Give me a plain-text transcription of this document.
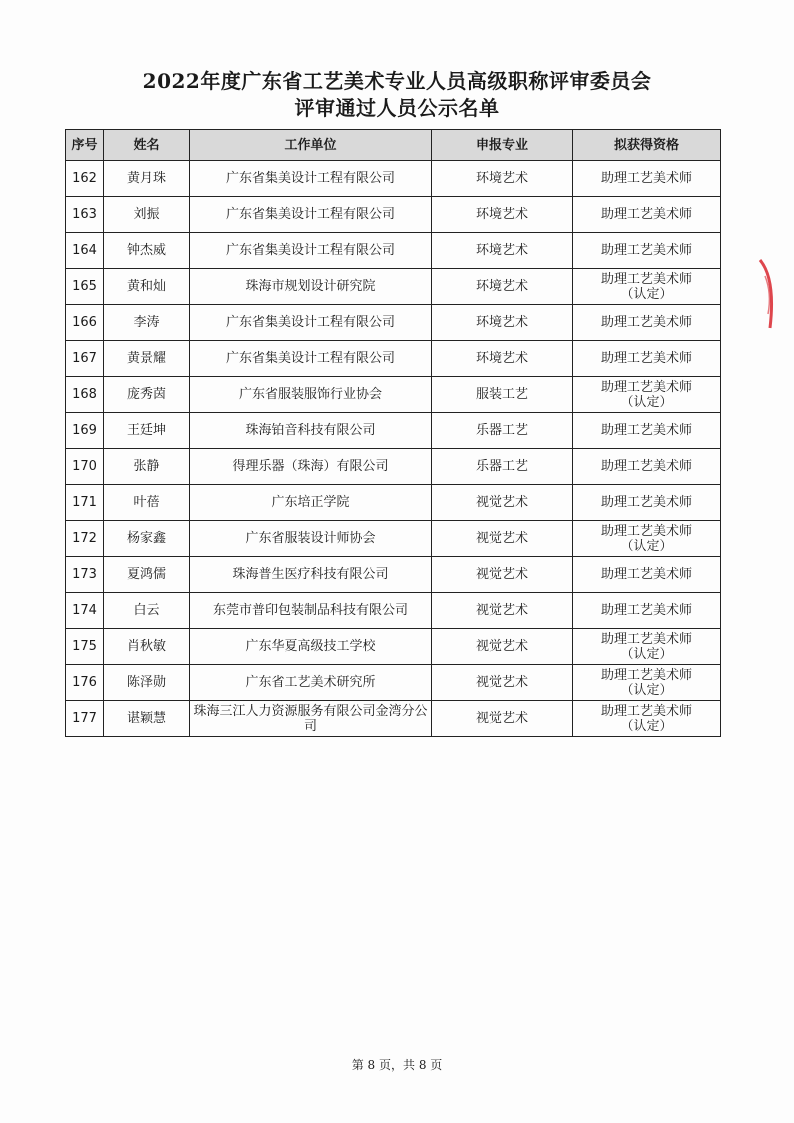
2022年度广东省工艺美术专业人员高级职称评审委员会
评审通过人员公示名单
序号	姓名	工作单位	申报专业	拟获得资格
162	黄月珠	广东省集美设计工程有限公司	环境艺术	助理工艺美术师

163	刘振	广东省集美设计工程有限公司	环境艺术	助理工艺美术师

164	钟杰威	广东省集美设计工程有限公司	环境艺术	助理工艺美术师

165	黄和灿	珠海市规划设计研究院	环境艺术	助理工艺美术师
（认定）

166	李涛	广东省集美设计工程有限公司	环境艺术	助理工艺美术师

167	黄景耀	广东省集美设计工程有限公司	环境艺术	助理工艺美术师

168	庞秀茵	广东省服装服饰行业协会	服装工艺	助理工艺美术师
（认定）

169	王廷坤	珠海铂音科技有限公司	乐器工艺	助理工艺美术师

170	张静	得理乐器（珠海）有限公司	乐器工艺	助理工艺美术师

171	叶蓓	广东培正学院	视觉艺术	助理工艺美术师

172	杨家鑫	广东省服装设计师协会	视觉艺术	助理工艺美术师
（认定）

173	夏鸿儒	珠海普生医疗科技有限公司	视觉艺术	助理工艺美术师

174	白云	东莞市普印包装制品科技有限公司	视觉艺术	助理工艺美术师

175	肖秋敏	广东华夏高级技工学校	视觉艺术	助理工艺美术师
（认定）

176	陈泽勋	广东省工艺美术研究所	视觉艺术	助理工艺美术师
（认定）

177	谌颖慧	珠海三江人力资源服务有限公司金湾分公司	视觉艺术	助理工艺美术师
（认定）
第 8 页，共 8 页
